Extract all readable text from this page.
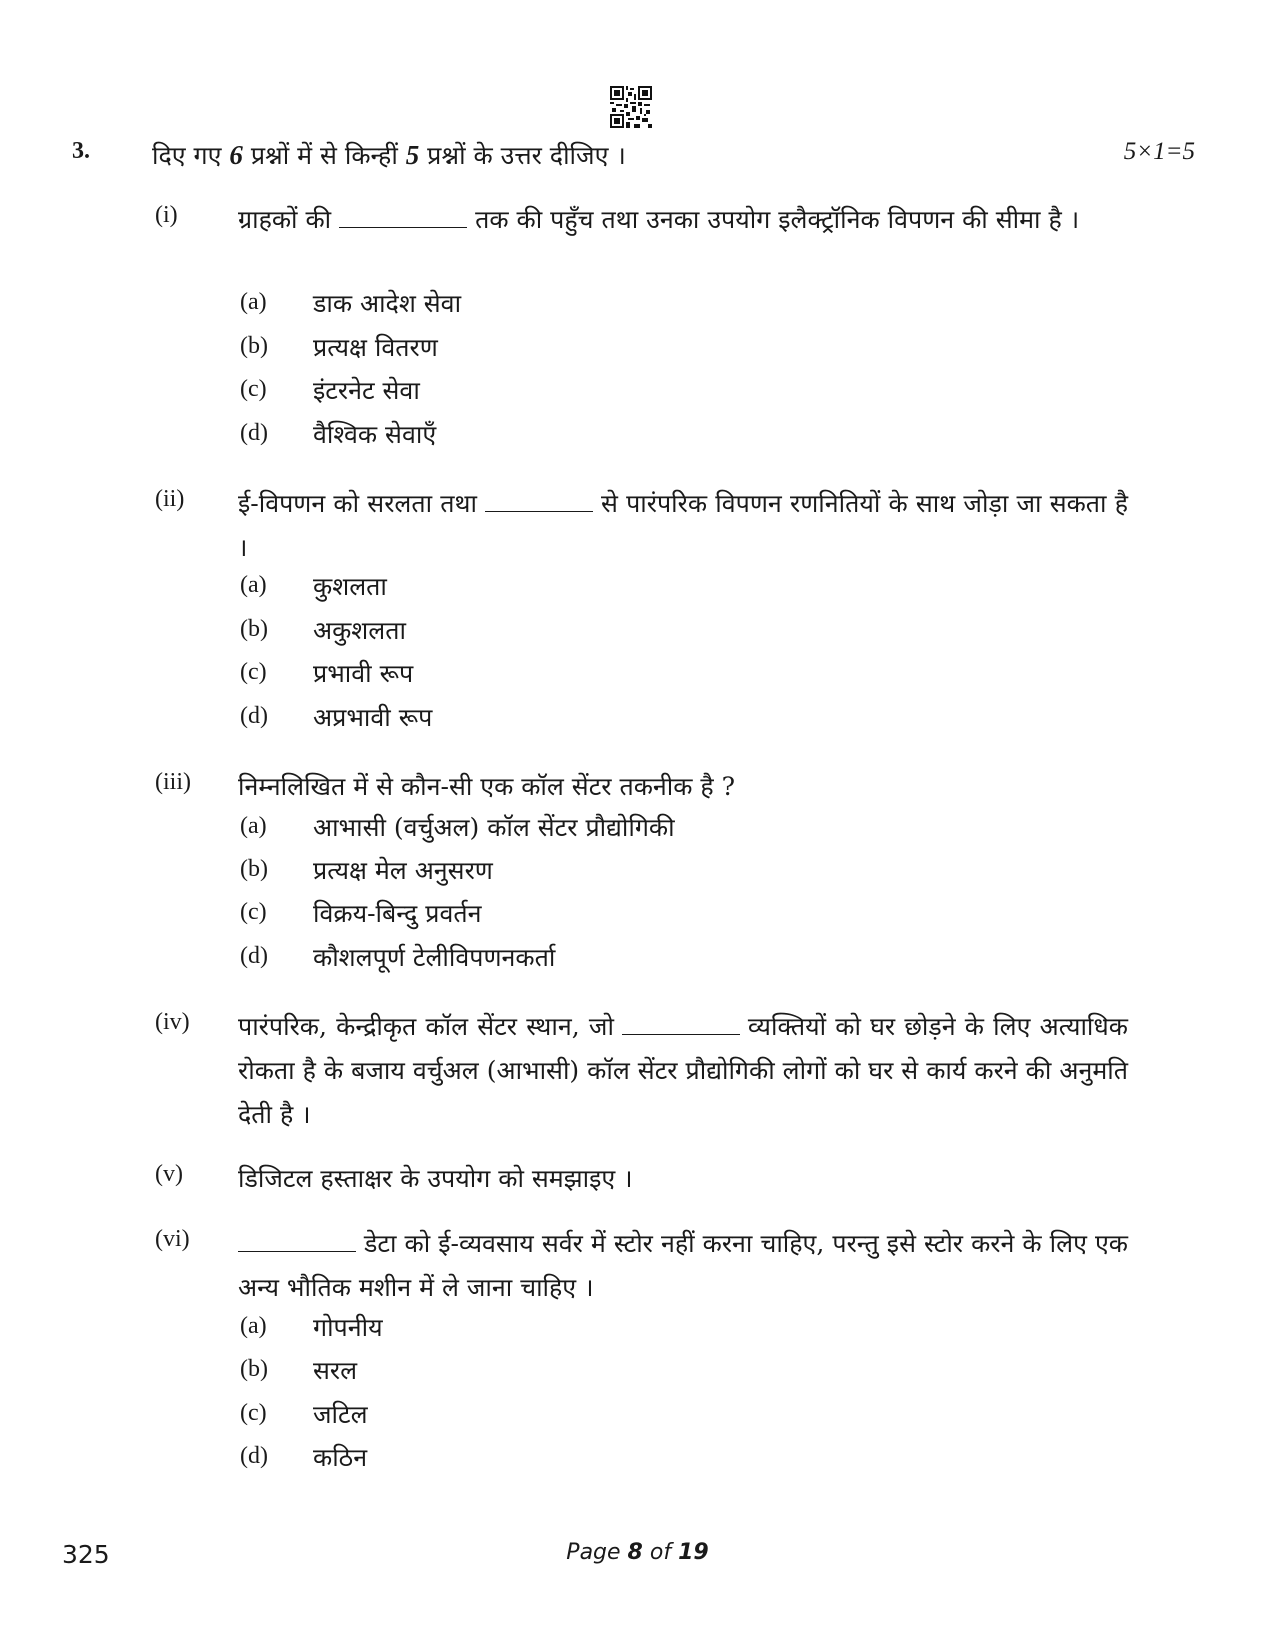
3. दिए गए 6 प्रश्नों में से किन्हीं 5 प्रश्नों के उत्तर दीजिए ।	5×1=5
(i) ग्राहकों की	तक की पहुँच तथा उनका उपयोग इलैक्ट्रॉनिक विपणन की सीमा है ।
(a) डाक आदेश सेवा
(b) प्रत्यक्ष वितरण
(c) इंटरनेट सेवा
(d) वैश्विक सेवाएँ
(ii) ई-विपणन को सरलता तथा	से पारंपरिक विपणन रणनितियों के साथ जोड़ा जा सकता है ।
(a) कुशलता
(b) अकुशलता
(c) प्रभावी रूप
(d) अप्रभावी रूप
(iii) निम्नलिखित में से कौन-सी एक कॉल सेंटर तकनीक है ?
(a) आभासी (वर्चुअल) कॉल सेंटर प्रौद्योगिकी
(b) प्रत्यक्ष मेल अनुसरण
(c) विक्रय-बिन्दु प्रवर्तन
(d) कौशलपूर्ण टेलीविपणनकर्ता
(iv) पारंपरिक, केन्द्रीकृत कॉल सेंटर स्थान, जो	व्यक्तियों को घर छोड़ने के लिए अत्याधिक रोकता है के बजाय वर्चुअल (आभासी) कॉल सेंटर प्रौद्योगिकी लोगों को घर से कार्य करने की अनुमति देती है ।
(v) डिजिटल हस्ताक्षर के उपयोग को समझाइए ।
(vi)	डेटा को ई-व्यवसाय सर्वर में स्टोर नहीं करना चाहिए, परन्तु इसे स्टोर करने के लिए एक अन्य भौतिक मशीन में ले जाना चाहिए ।
(a) गोपनीय
(b) सरल
(c) जटिल
(d) कठिन
325	Page 8 of 19
